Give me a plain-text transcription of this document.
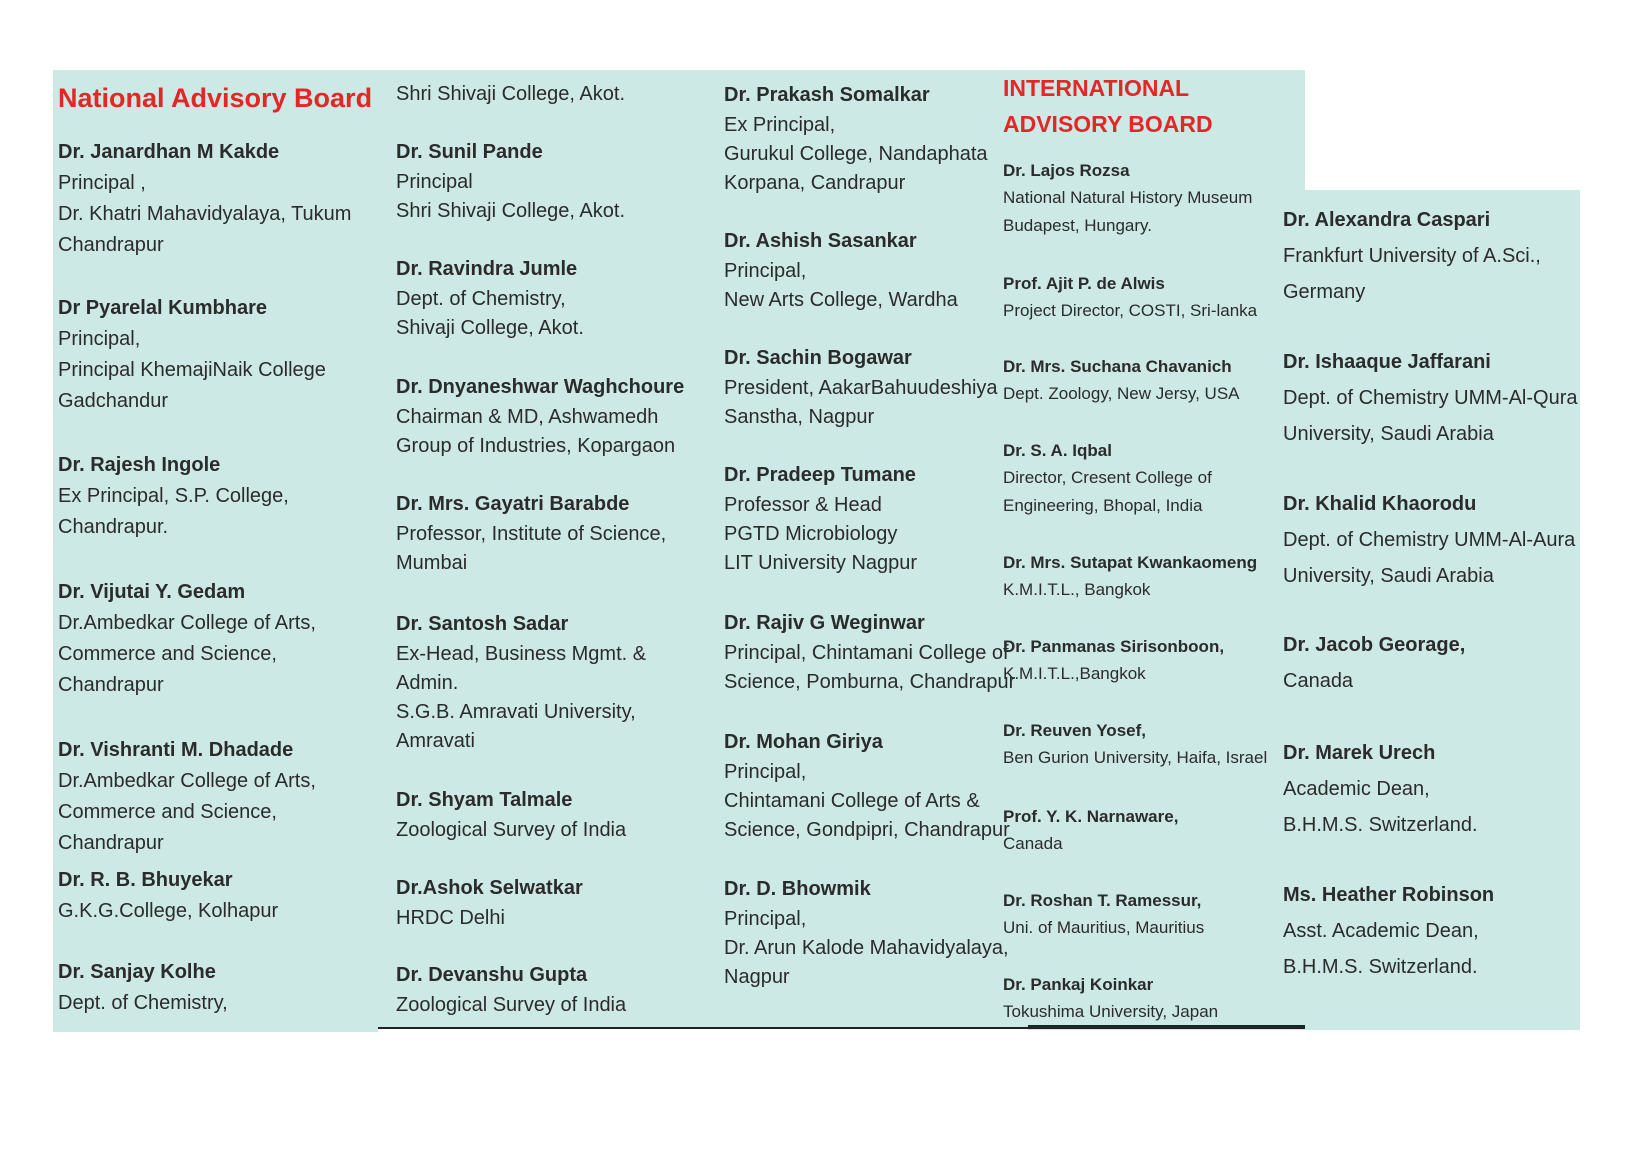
National Advisory Board
Dr. Janardhan M Kakde
Principal ,
Dr. Khatri Mahavidyalaya, Tukum
Chandrapur
Dr Pyarelal Kumbhare
Principal,
Principal KhemajiNaik College
Gadchandur
Dr. Rajesh Ingole
Ex Principal, S.P. College,
Chandrapur.
Dr. Vijutai Y. Gedam
Dr.Ambedkar College of Arts,
Commerce and Science,
Chandrapur
Dr. Vishranti M. Dhadade
Dr.Ambedkar College of Arts,
Commerce and Science,
Chandrapur
Dr. R. B. Bhuyekar
G.K.G.College, Kolhapur
Dr. Sanjay Kolhe
Dept. of Chemistry,
Shri Shivaji College, Akot.
Dr. Sunil Pande
Principal
Shri Shivaji College, Akot.
Dr. Ravindra Jumle
Dept. of Chemistry,
Shivaji College, Akot.
Dr. Dnyaneshwar Waghchoure
Chairman & MD, Ashwamedh
Group of Industries, Kopargaon
Dr. Mrs. Gayatri Barabde
Professor, Institute of Science,
Mumbai
Dr. Santosh Sadar
Ex-Head, Business Mgmt. &
Admin.
S.G.B. Amravati University,
Amravati
Dr. Shyam Talmale
Zoological Survey of India
Dr.Ashok Selwatkar
HRDC Delhi
Dr. Devanshu Gupta
Zoological Survey of India
Dr. Prakash Somalkar
Ex Principal,
Gurukul College, Nandaphata
Korpana, Candrapur
Dr. Ashish Sasankar
Principal,
New Arts College, Wardha
Dr. Sachin Bogawar
President, AakarBahuudeshiya
Sanstha, Nagpur
Dr. Pradeep Tumane
Professor & Head
PGTD Microbiology
LIT University Nagpur
Dr. Rajiv G Weginwar
Principal, Chintamani College of
Science, Pomburna, Chandrapur
Dr. Mohan Giriya
Principal,
Chintamani College of Arts &
Science, Gondpipri, Chandrapur
Dr. D. Bhowmik
Principal,
Dr. Arun Kalode Mahavidyalaya,
Nagpur
INTERNATIONAL
ADVISORY BOARD
Dr. Lajos Rozsa
National Natural History Museum
Budapest, Hungary.
Prof. Ajit P. de Alwis
Project Director, COSTI, Sri-lanka
Dr. Mrs. Suchana Chavanich
Dept. Zoology, New Jersy, USA
Dr. S. A. Iqbal
Director, Cresent College of
Engineering, Bhopal, India
Dr. Mrs. Sutapat Kwankaomeng
K.M.I.T.L., Bangkok
Dr. Panmanas Sirisonboon,
K.M.I.T.L.,Bangkok
Dr. Reuven Yosef,
Ben Gurion University, Haifa, Israel
Prof. Y. K. Narnaware,
Canada
Dr. Roshan T. Ramessur,
Uni. of Mauritius, Mauritius
Dr. Pankaj Koinkar
Tokushima University, Japan
Dr. Alexandra Caspari
Frankfurt University of A.Sci.,
Germany
Dr. Ishaaque Jaffarani
Dept. of Chemistry UMM-Al-Qura
University, Saudi Arabia
Dr. Khalid Khaorodu
Dept. of Chemistry UMM-Al-Aura
University, Saudi Arabia
Dr. Jacob Georage,
Canada
Dr. Marek Urech
Academic Dean,
B.H.M.S. Switzerland.
Ms. Heather Robinson
Asst. Academic Dean,
B.H.M.S. Switzerland.
